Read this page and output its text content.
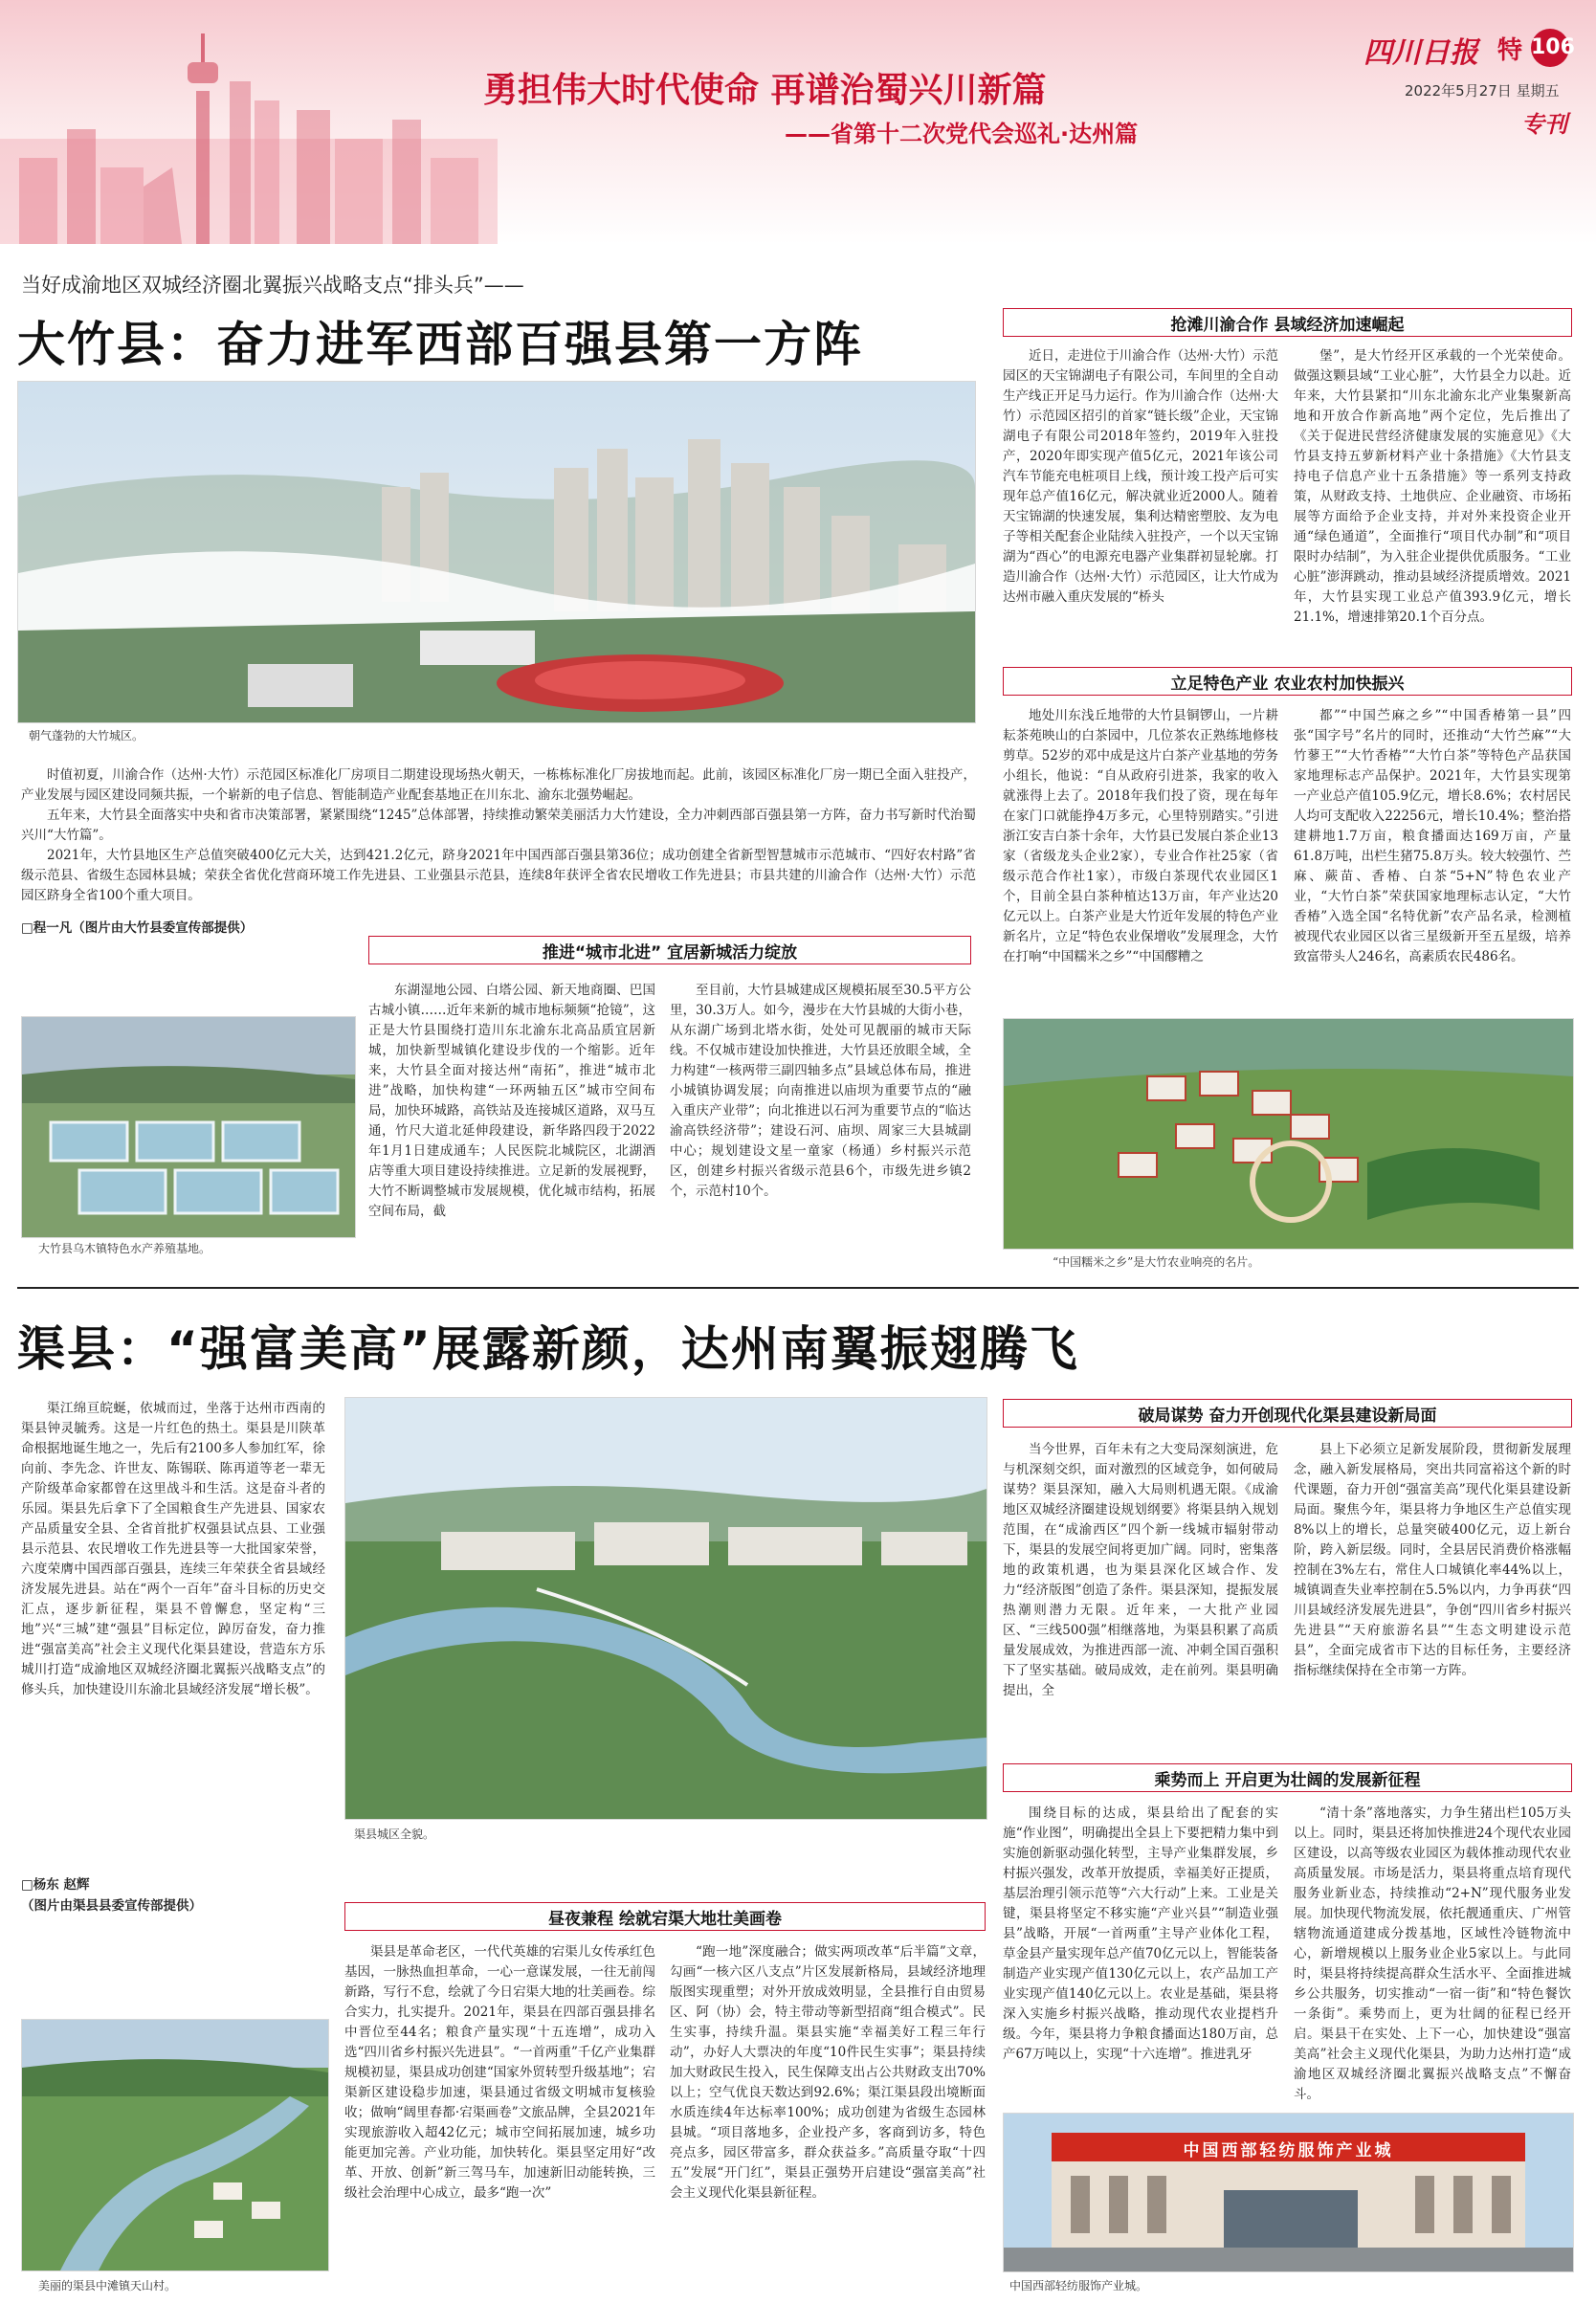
勇担伟大时代使命 再谱治蜀兴川新篇
——省第十二次党代会巡礼·达州篇
四川日报 特 106
2022年5月27日 星期五
专刊
当好成渝地区双城经济圈北翼振兴战略支点“排头兵”——
大竹县：奋力进军西部百强县第一方阵
朝气蓬勃的大竹城区。

时值初夏，川渝合作（达州·大竹）示范园区标准化厂房项目二期建设现场热火朝天，一栋栋标准化厂房拔地而起。此前，该园区标准化厂房一期已全面入驻投产，产业发展与园区建设同频共振，一个崭新的电子信息、智能制造产业配套基地正在川东北、渝东北强势崛起。

五年来，大竹县全面落实中央和省市决策部署，紧紧围绕“1245”总体部署，持续推动繁荣美丽活力大竹建设，全力冲刺西部百强县第一方阵，奋力书写新时代治蜀兴川“大竹篇”。

2021年，大竹县地区生产总值突破400亿元大关，达到421.2亿元，跻身2021年中国西部百强县第36位；成功创建全省新型智慧城市示范城市、“四好农村路”省级示范县、省级生态园林县城；荣获全省优化营商环境工作先进县、工业强县示范县，连续8年获评全省农民增收工作先进县；市县共建的川渝合作（达州·大竹）示范园区跻身全省100个重大项目。

□程一凡（图片由大竹县委宣传部提供）
抢滩川渝合作 县域经济加速崛起
近日，走进位于川渝合作（达州·大竹）示范园区的天宝锦湖电子有限公司，车间里的全自动生产线正开足马力运行。作为川渝合作（达州·大竹）示范园区招引的首家“链长级”企业，天宝锦湖电子有限公司2018年签约，2019年入驻投产，2020年即实现产值5亿元，2021年该公司汽车节能充电桩项目上线，预计竣工投产后可实现年总产值16亿元，解决就业近2000人。随着天宝锦湖的快速发展，集利达精密塑胶、友为电子等相关配套企业陆续入驻投产，一个以天宝锦湖为“酉心”的电源充电器产业集群初显轮廓。打造川渝合作（达州·大竹）示范园区，让大竹成为达州市融入重庆发展的“桥头
堡”，是大竹经开区承载的一个光荣使命。做强这颗县域“工业心脏”，大竹县全力以赴。近年来，大竹县紧扣“川东北渝东北产业集聚新高地和开放合作新高地”两个定位，先后推出了《关于促进民营经济健康发展的实施意见》《大竹县支持五萝新材料产业十条措施》《大竹县支持电子信息产业十五条措施》等一系列支持政策，从财政支持、土地供应、企业融资、市场拓展等方面给予企业支持，并对外来投资企业开通“绿色通道”，全面推行“项目代办制”和“项目限时办结制”，为入驻企业提供优质服务。“工业心脏”澎湃跳动，推动县域经济提质增效。2021年，大竹县实现工业总产值393.9亿元，增长21.1%，增速排第20.1个百分点。
立足特色产业 农业农村加快振兴
地处川东浅丘地带的大竹县铜锣山，一片耕耘茶苑映山的白茶园中，几位茶农正熟练地修枝剪草。52岁的邓中成是这片白茶产业基地的劳务小组长，他说：“自从政府引进茶，我家的收入就涨得上去了。2018年我们投了资，现在每年在家门口就能挣4万多元，心里特别踏实。”引进浙江安吉白茶十余年，大竹县已发展白茶企业13家（省级龙头企业2家），专业合作社25家（省级示范合作社1家），市级白茶现代农业园区1个，目前全县白茶种植达13万亩，年产业达20亿元以上。白茶产业是大竹近年发展的特色产业新名片，立足“特色农业保增收”发展理念，大竹在打响“中国糯米之乡”“中国醪糟之
都”“中国苎麻之乡”“中国香椿第一县”四张“国字号”名片的同时，还推动“大竹苎麻”“大竹蓼王”“大竹香椿”“大竹白茶”等特色产品获国家地理标志产品保护。2021年，大竹县实现第一产业总产值105.9亿元，增长8.6%；农村居民人均可支配收入22256元，增长10.4%；整治搭建耕地1.7万亩，粮食播面达169万亩，产量61.8万吨，出栏生猪75.8万头。较大较强竹、苎麻、蕨苗、香椿、白茶“5+N”特色农业产业，“大竹白茶”荣获国家地理标志认定，“大竹香椿”入选全国“名特优新”农产品名录，检测植被现代农业园区以省三星级新开至五星级，培养致富带头人246名，高素质农民486名。
推进“城市北进” 宜居新城活力绽放
东湖湿地公园、白塔公园、新天地商圈、巴国古城小镇……近年来新的城市地标频频“抢镜”，这正是大竹县围绕打造川东北渝东北高品质宜居新城，加快新型城镇化建设步伐的一个缩影。近年来，大竹县全面对接达州“南拓”，推进“城市北进”战略，加快构建“一环两轴五区”城市空间布局，加快环城路，高铁站及连接城区道路，双马互通，竹尺大道北延伸段建设，新华路四段于2022年1月1日建成通车；人民医院北城院区，北湖酒店等重大项目建设持续推进。立足新的发展视野，大竹不断调整城市发展规模，优化城市结构，拓展空间布局，截
至目前，大竹县城建成区规模拓展至30.5平方公里，30.3万人。如今，漫步在大竹县城的大街小巷，从东湖广场到北塔水街，处处可见靓丽的城市天际线。不仅城市建设加快推进，大竹县还放眼全域，全力构建“一核两带三副四轴多点”县域总体布局，推进小城镇协调发展；向南推进以庙坝为重要节点的“融入重庆产业带”；向北推进以石河为重要节点的“临达渝高铁经济带”；建设石河、庙坝、周家三大县城副中心；规划建设文星一童家（杨通）乡村振兴示范区，创建乡村振兴省级示范县6个，市级先进乡镇2个，示范村10个。
大竹县乌木镇特色水产养殖基地。
“中国糯米之乡”是大竹农业响亮的名片。
渠县：“强富美高”展露新颜，达州南翼振翅腾飞
渠江绵亘皖蜒，依城而过，坐落于达州市西南的渠县钟灵毓秀。这是一片红色的热土。渠县是川陕革命根据地诞生地之一，先后有2100多人参加红军，徐向前、李先念、许世友、陈锡联、陈再道等老一辈无产阶级革命家都曾在这里战斗和生活。这是奋斗者的乐园。渠县先后拿下了全国粮食生产先进县、国家农产品质量安全县、全省首批扩权强县试点县、工业强县示范县、农民增收工作先进县等一大批国家荣誉，六度荣膺中国西部百强县，连续三年荣获全省县域经济发展先进县。站在“两个一百年”奋斗目标的历史交汇点，逐步新征程，渠县不曾懈怠，坚定构“三地”兴“三城”建“强县”目标定位，踔厉奋发，奋力推进“强富美高”社会主义现代化渠县建设，营造东方乐城川打造“成渝地区双城经济圈北翼振兴战略支点”的修头兵，加快建设川东渝北县域经济发展“增长极”。
□杨东 赵辉
（图片由渠县县委宣传部提供）
渠县城区全貌。
破局谋势 奋力开创现代化渠县建设新局面
当今世界，百年未有之大变局深刻演进，危与机深刻交织，面对激烈的区域竞争，如何破局谋势？渠县深知，融入大局则机遇无限。《成渝地区双城经济圈建设规划纲要》将渠县纳入规划范围，在“成渝西区”四个新一线城市辐射带动下，渠县的发展空间将更加广阔。同时，密集落地的政策机遇，也为渠县深化区域合作、发力“经济版图”创造了条件。渠县深知，提振发展热潮则潜力无限。近年来，一大批产业园区、“三线500强”相继落地，为渠县积累了高质量发展成效，为推进西部一流、冲刺全国百强积下了坚实基础。破局成效，走在前列。渠县明确提出，全
县上下必须立足新发展阶段，贯彻新发展理念，融入新发展格局，突出共同富裕这个新的时代课题，奋力开创“强富美高”现代化渠县建设新局面。聚焦今年，渠县将力争地区生产总值实现8%以上的增长，总量突破400亿元，迈上新台阶，跨入新层级。同时，全县居民消费价格涨幅控制在3%左右，常住人口城镇化率44%以上，城镇调查失业率控制在5.5%以内，力争再获“四川县域经济发展先进县”，争创“四川省乡村振兴先进县”“天府旅游名县”“生态文明建设示范县”，全面完成省市下达的目标任务，主要经济指标继续保持在全市第一方阵。
乘势而上 开启更为壮阔的发展新征程
围绕目标的达成，渠县给出了配套的实施“作业图”，明确提出全县上下要把精力集中到实施创新驱动强化转型，主导产业集群发展，乡村振兴强发，改革开放提质，幸福美好正提质，基层治理引领示范等“六大行动”上来。工业是关键，渠县将坚定不移实施“产业兴县”“制造业强县”战略，开展“一首两重”主导产业体化工程，草金县产量实现年总产值70亿元以上，智能装备制造产业实现产值130亿元以上，农产品加工产业实现产值140亿元以上。农业是基础，渠县将深入实施乡村振兴战略，推动现代农业提档升级。今年，渠县将力争粮食播面达180万亩，总产67万吨以上，实现“十六连增”。推进乳牙
“清十条”落地落实，力争生猪出栏105万头以上。同时，渠县还将加快推进24个现代农业园区建设，以高等级农业园区为载体推动现代农业高质量发展。市场是活力，渠县将重点培育现代服务业新业态，持续推动“2+N”现代服务业发展。加快现代物流发展，依托靓通重庆、广州管辖物流通道建成分拨基地，区域性冷链物流中心，新增规模以上服务业企业5家以上。与此同时，渠县将持续提高群众生活水平、全面推进城乡公共服务，切实推动“一宿一街”和“特色餐饮一条街”。乘势而上，更为壮阔的征程已经开启。渠县干在实处、上下一心，加快建设“强富美高”社会主义现代化渠县，为助力达州打造“成渝地区双城经济圈北翼振兴战略支点”不懈奋斗。
昼夜兼程 绘就宕渠大地壮美画卷
渠县是革命老区，一代代英雄的宕渠儿女传承红色基因，一脉热血担革命，一心一意谋发展，一往无前闯新路，写行不怠，绘就了今日宕渠大地的壮美画卷。综合实力，扎实提升。2021年，渠县在四部百强县排名中晋位至44名；粮食产量实现“十五连增”，成功入选“四川省乡村振兴先进县”。“一首两重”千亿产业集群规模初显，渠县成功创建“国家外贸转型升级基地”；宕渠新区建设稳步加速，渠县通过省级文明城市复核验收；做响“阔里春都·宕渠画卷”文旅品牌，全县2021年实现旅游收入超42亿元；城市空间拓展加速，城乡功能更加完善。产业功能，加快转化。渠县坚定用好“改革、开放、创新”新三驾马车，加速新旧动能转换，三级社会治理中心成立，最多“跑一次”
“跑一地”深度融合；做实两项改革“后半篇”文章，勾画“一核六区八支点”片区发展新格局，县域经济地理版图实现重塑；对外开放成效明显，全县推行自由贸易区、阿（协）会，特主带动等新型招商“组合模式”。民生实事，持续升温。渠县实施“幸福美好工程三年行动”，办好人大票决的年度“10件民生实事”；渠县持续加大财政民生投入，民生保障支出占公共财政支出70%以上；空气优良天数达到92.6%；渠江渠县段出境断面水质连续4年达标率100%；成功创建为省级生态园林县城。“项目落地多，企业投产多，客商到访多，特色亮点多，园区带富多，群众获益多。”高质量夺取“十四五”发展“开门红”，渠县正强势开启建设“强富美高”社会主义现代化渠县新征程。
美丽的渠县中滩镇天山村。
中国西部轻纺服饰产业城
中国西部轻纺服饰产业城。
